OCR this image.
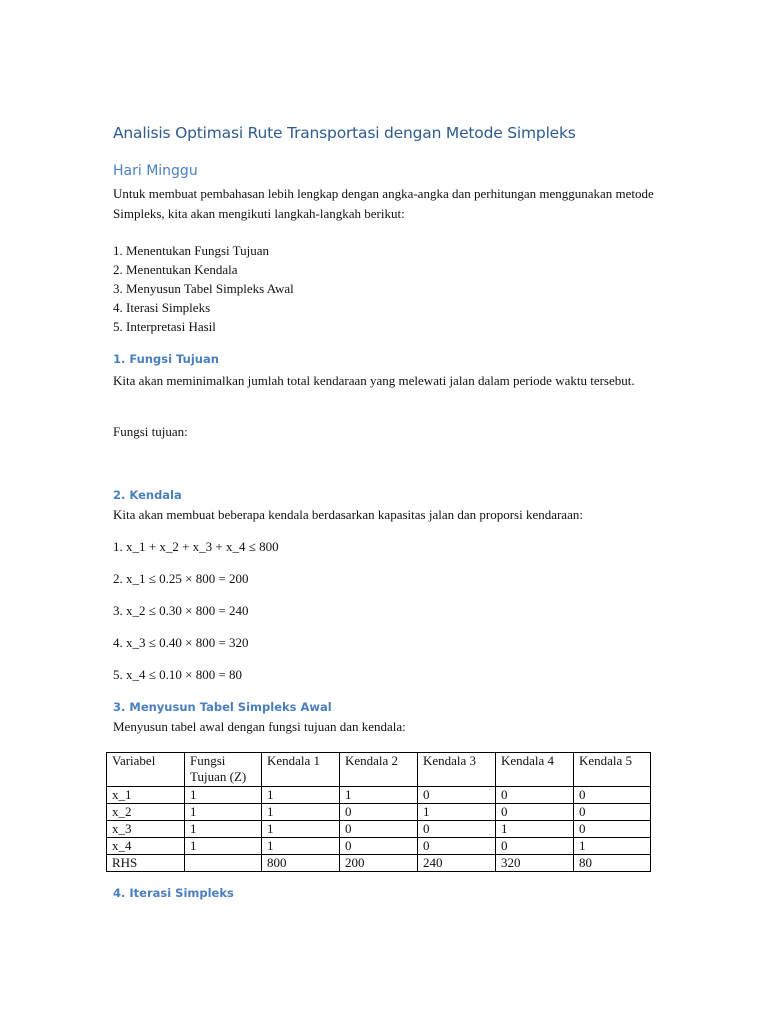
Analisis Optimasi Rute Transportasi dengan Metode Simpleks
Hari Minggu
Untuk membuat pembahasan lebih lengkap dengan angka-angka dan perhitungan menggunakan metode Simpleks, kita akan mengikuti langkah-langkah berikut:
1. Menentukan Fungsi Tujuan
2. Menentukan Kendala
3. Menyusun Tabel Simpleks Awal
4. Iterasi Simpleks
5. Interpretasi Hasil
1. Fungsi Tujuan
Kita akan meminimalkan jumlah total kendaraan yang melewati jalan dalam periode waktu tersebut.
Fungsi tujuan:
2. Kendala
Kita akan membuat beberapa kendala berdasarkan kapasitas jalan dan proporsi kendaraan:
1. x_1 + x_2 + x_3 + x_4 ≤ 800
2. x_1 ≤ 0.25 × 800 = 200
3. x_2 ≤ 0.30 × 800 = 240
4. x_3 ≤ 0.40 × 800 = 320
5. x_4 ≤ 0.10 × 800 = 80
3. Menyusun Tabel Simpleks Awal
Menyusun tabel awal dengan fungsi tujuan dan kendala:
Variabel	Fungsi Tujuan (Z)	Kendala 1	Kendala 2	Kendala 3	Kendala 4	Kendala 5
x_1	1	1	1	0	0	0
x_2	1	1	0	1	0	0
x_3	1	1	0	0	1	0
x_4	1	1	0	0	0	1
RHS		800	200	240	320	80
4. Iterasi Simpleks
